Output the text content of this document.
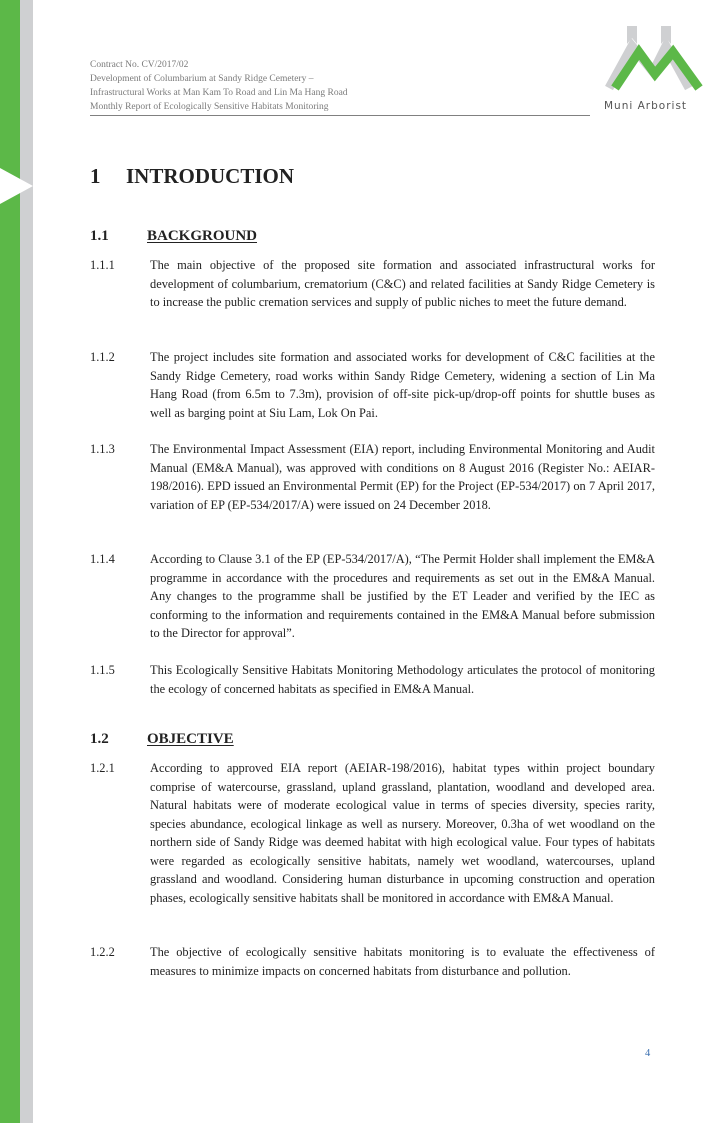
Contract No. CV/2017/02
Development of Columbarium at Sandy Ridge Cemetery –
Infrastructural Works at Man Kam To Road and Lin Ma Hang Road
Monthly Report of Ecologically Sensitive Habitats Monitoring	Muni Arborist
1 INTRODUCTION
1.1	BACKGROUND
1.1.1	The main objective of the proposed site formation and associated infrastructural works for development of columbarium, crematorium (C&C) and related facilities at Sandy Ridge Cemetery is to increase the public cremation services and supply of public niches to meet the future demand.
1.1.2	The project includes site formation and associated works for development of C&C facilities at the Sandy Ridge Cemetery, road works within Sandy Ridge Cemetery, widening a section of Lin Ma Hang Road (from 6.5m to 7.3m), provision of off-site pick-up/drop-off points for shuttle buses as well as barging point at Siu Lam, Lok On Pai.
1.1.3	The Environmental Impact Assessment (EIA) report, including Environmental Monitoring and Audit Manual (EM&A Manual), was approved with conditions on 8 August 2016 (Register No.: AEIAR-198/2016). EPD issued an Environmental Permit (EP) for the Project (EP-534/2017) on 7 April 2017, variation of EP (EP-534/2017/A) were issued on 24 December 2018.
1.1.4	According to Clause 3.1 of the EP (EP-534/2017/A), “The Permit Holder shall implement the EM&A programme in accordance with the procedures and requirements as set out in the EM&A Manual. Any changes to the programme shall be justified by the ET Leader and verified by the IEC as conforming to the information and requirements contained in the EM&A Manual before submission to the Director for approval”.
1.1.5	This Ecologically Sensitive Habitats Monitoring Methodology articulates the protocol of monitoring the ecology of concerned habitats as specified in EM&A Manual.
1.2	OBJECTIVE
1.2.1	According to approved EIA report (AEIAR-198/2016), habitat types within project boundary comprise of watercourse, grassland, upland grassland, plantation, woodland and developed area. Natural habitats were of moderate ecological value in terms of species diversity, species rarity, species abundance, ecological linkage as well as nursery. Moreover, 0.3ha of wet woodland on the northern side of Sandy Ridge was deemed habitat with high ecological value. Four types of habitats were regarded as ecologically sensitive habitats, namely wet woodland, watercourses, upland grassland and woodland. Considering human disturbance in upcoming construction and operation phases, ecologically sensitive habitats shall be monitored in accordance with EM&A Manual.
1.2.2	The objective of ecologically sensitive habitats monitoring is to evaluate the effectiveness of measures to minimize impacts on concerned habitats from disturbance and pollution.
4
